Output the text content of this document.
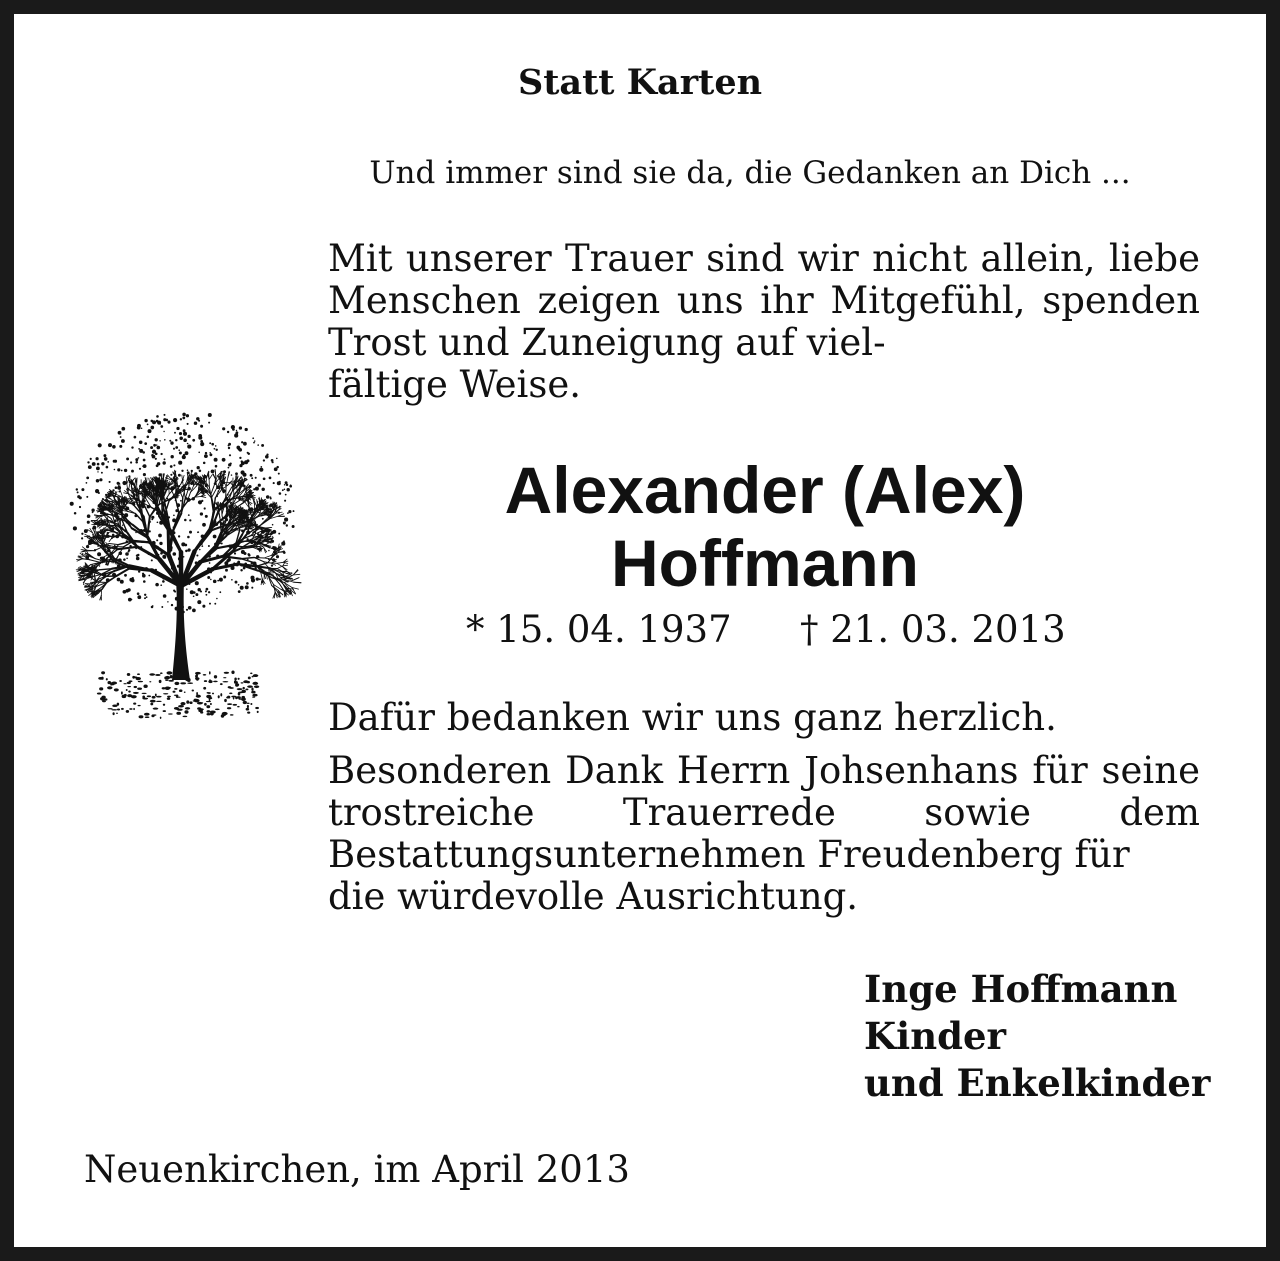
Statt Karten

Und immer sind sie da, die Gedanken an Dich ...

Mit unserer Trauer sind wir nicht allein, liebe Menschen zeigen uns ihr Mitgefühl, spenden Trost und Zuneigung auf viel-
fältige Weise.
Alexander (Alex)
Hoffmann
* 15. 04. 1937 † 21. 03. 2013

Dafür bedanken wir uns ganz herzlich.

Besonderen Dank Herrn Johsenhans für seine trostreiche Trauerrede sowie dem Bestattungsunternehmen Freudenberg für
die würdevolle Ausrichtung.
Inge Hoffmann
Kinder
und Enkelkinder

Neuenkirchen, im April 2013
